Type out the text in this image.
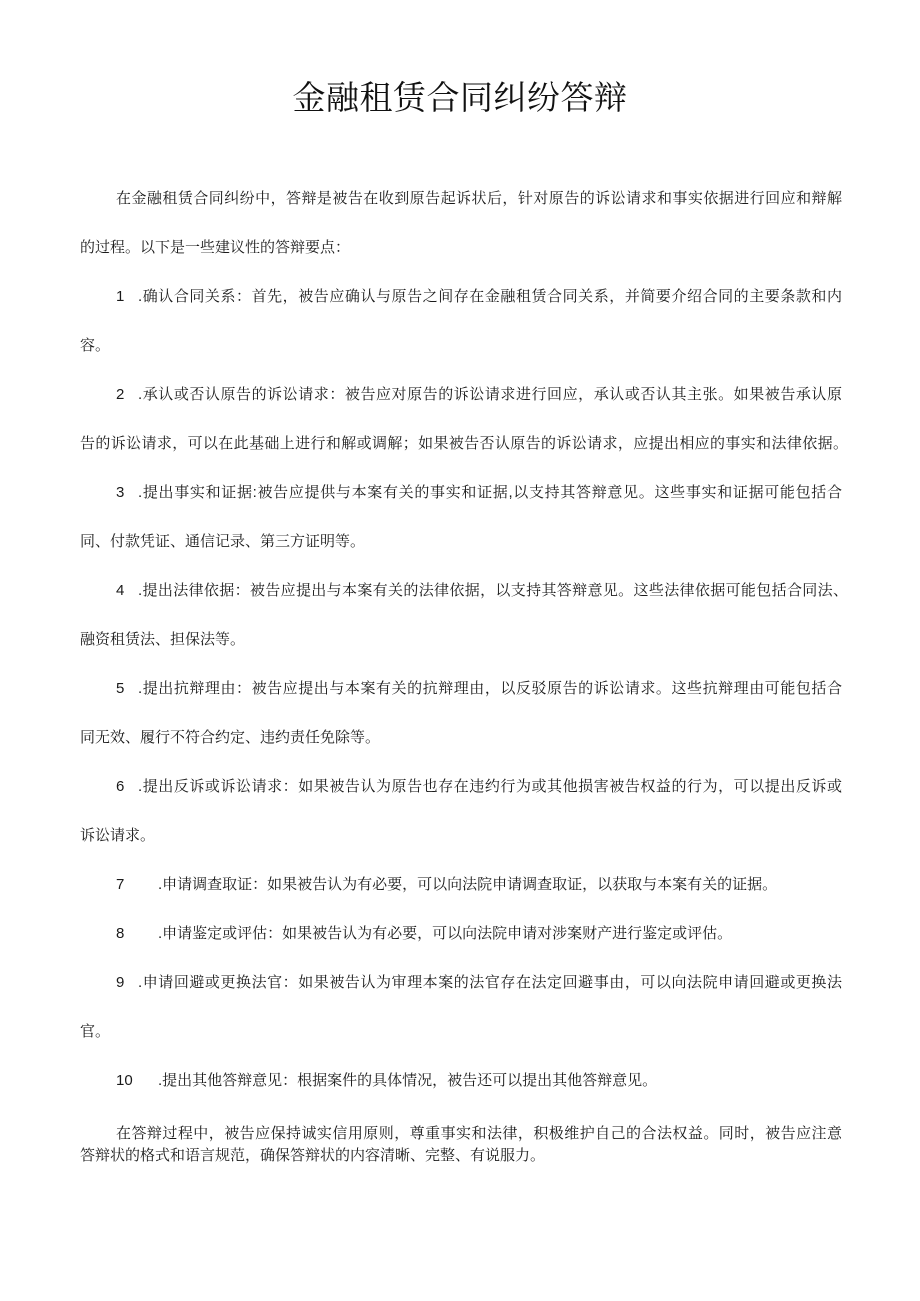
金融租赁合同纠纷答辩
在金融租赁合同纠纷中，答辩是被告在收到原告起诉状后，针对原告的诉讼请求和事实依据进行回应和辩解
的过程。以下是一些建议性的答辩要点：
1 .确认合同关系：首先，被告应确认与原告之间存在金融租赁合同关系，并简要介绍合同的主要条款和内
容。
2 .承认或否认原告的诉讼请求：被告应对原告的诉讼请求进行回应，承认或否认其主张。如果被告承认原
告的诉讼请求，可以在此基础上进行和解或调解；如果被告否认原告的诉讼请求，应提出相应的事实和法律依据。
3 .提出事实和证据:被告应提供与本案有关的事实和证据,以支持其答辩意见。这些事实和证据可能包括合
同、付款凭证、通信记录、第三方证明等。
4 .提出法律依据：被告应提出与本案有关的法律依据，以支持其答辩意见。这些法律依据可能包括合同法、
融资租赁法、担保法等。
5 .提出抗辩理由：被告应提出与本案有关的抗辩理由，以反驳原告的诉讼请求。这些抗辩理由可能包括合
同无效、履行不符合约定、违约责任免除等。
6 .提出反诉或诉讼请求：如果被告认为原告也存在违约行为或其他损害被告权益的行为，可以提出反诉或
诉讼请求。
7	.申请调查取证：如果被告认为有必要，可以向法院申请调查取证，以获取与本案有关的证据。
8	.申请鉴定或评估：如果被告认为有必要，可以向法院申请对涉案财产进行鉴定或评估。
9 .申请回避或更换法官：如果被告认为审理本案的法官存在法定回避事由，可以向法院申请回避或更换法
官。
10	.提出其他答辩意见：根据案件的具体情况，被告还可以提出其他答辩意见。
在答辩过程中，被告应保持诚实信用原则，尊重事实和法律，积极维护自己的合法权益。同时，被告应注意
答辩状的格式和语言规范，确保答辩状的内容清晰、完整、有说服力。
